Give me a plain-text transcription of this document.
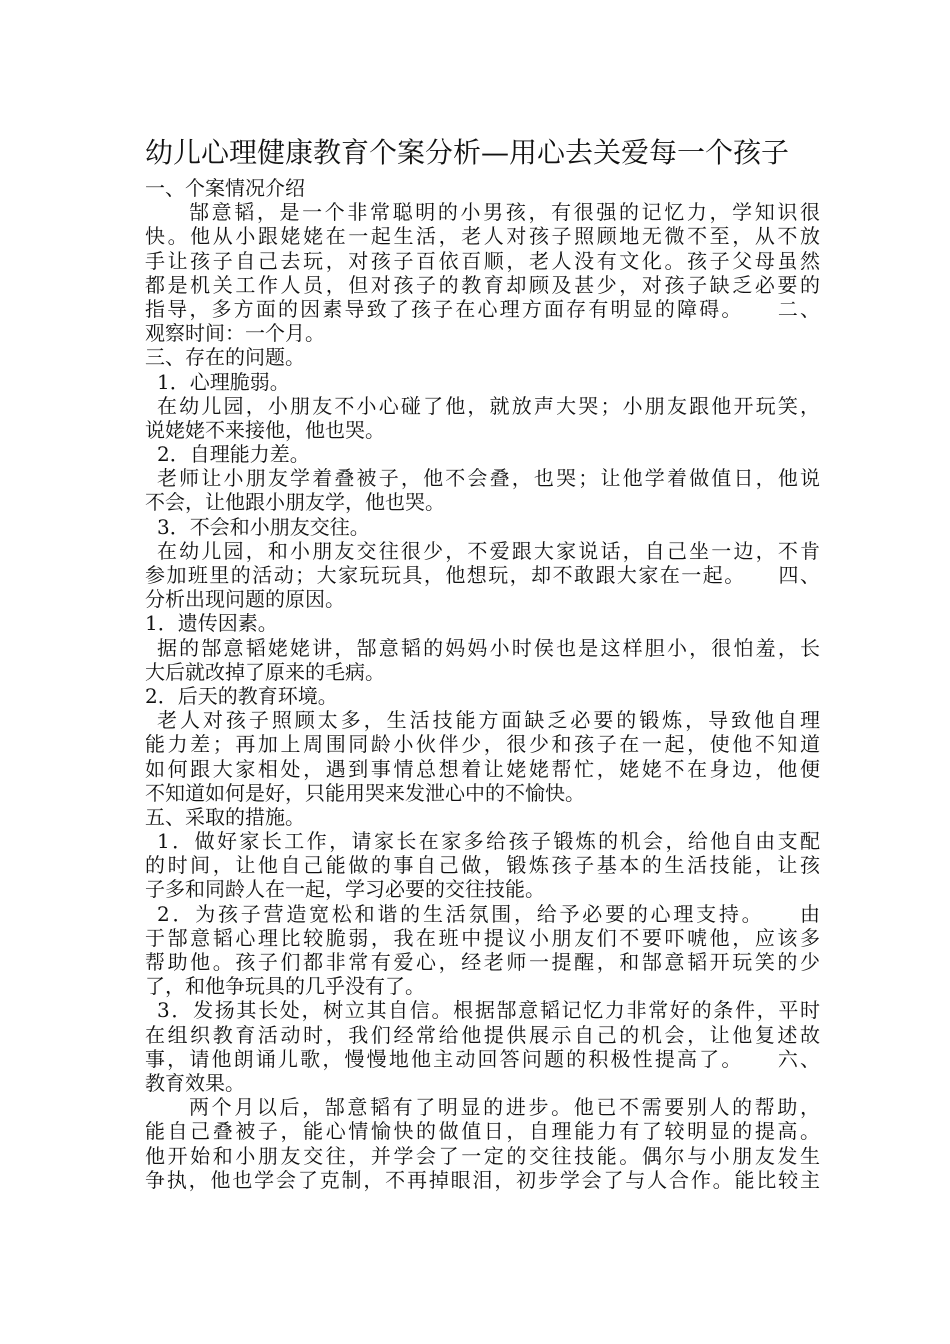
幼儿心理健康教育个案分析—用心去关爱每一个孩子
一、个案情况介绍
郜意韬，是一个非常聪明的小男孩，有很强的记忆力，学知识很
快。他从小跟姥姥在一起生活，老人对孩子照顾地无微不至，从不放
手让孩子自己去玩，对孩子百依百顺，老人没有文化。孩子父母虽然
都是机关工作人员，但对孩子的教育却顾及甚少，对孩子缺乏必要的
指导，多方面的因素导致了孩子在心理方面存有明显的障碍。　　二、
观察时间：一个月。
三、存在的问题。
1．心理脆弱。
在幼儿园，小朋友不小心碰了他，就放声大哭；小朋友跟他开玩笑，
说姥姥不来接他，他也哭。
2．自理能力差。
老师让小朋友学着叠被子，他不会叠，也哭；让他学着做值日，他说
不会，让他跟小朋友学，他也哭。
3．不会和小朋友交往。
在幼儿园，和小朋友交往很少，不爱跟大家说话，自己坐一边，不肯
参加班里的活动；大家玩玩具，他想玩，却不敢跟大家在一起。　　四、
分析出现问题的原因。
1．遗传因素。
据的郜意韬姥姥讲，郜意韬的妈妈小时侯也是这样胆小，很怕羞，长
大后就改掉了原来的毛病。
2．后天的教育环境。
老人对孩子照顾太多，生活技能方面缺乏必要的锻炼，导致他自理
能力差；再加上周围同龄小伙伴少，很少和孩子在一起，使他不知道
如何跟大家相处，遇到事情总想着让姥姥帮忙，姥姥不在身边，他便
不知道如何是好，只能用哭来发泄心中的不愉快。
五、采取的措施。
1．做好家长工作，请家长在家多给孩子锻炼的机会，给他自由支配
的时间，让他自己能做的事自己做，锻炼孩子基本的生活技能，让孩
子多和同龄人在一起，学习必要的交往技能。
2．为孩子营造宽松和谐的生活氛围，给予必要的心理支持。　　由
于郜意韬心理比较脆弱，我在班中提议小朋友们不要吓唬他，应该多
帮助他。孩子们都非常有爱心，经老师一提醒，和郜意韬开玩笑的少
了，和他争玩具的几乎没有了。
3．发扬其长处，树立其自信。根据郜意韬记忆力非常好的条件，平时
在组织教育活动时，我们经常给他提供展示自己的机会，让他复述故
事，请他朗诵儿歌，慢慢地他主动回答问题的积极性提高了。　　六、
教育效果。
两个月以后，郜意韬有了明显的进步。他已不需要别人的帮助，
能自己叠被子，能心情愉快的做值日，自理能力有了较明显的提高。
他开始和小朋友交往，并学会了一定的交往技能。偶尔与小朋友发生
争执，他也学会了克制，不再掉眼泪，初步学会了与人合作。能比较主
